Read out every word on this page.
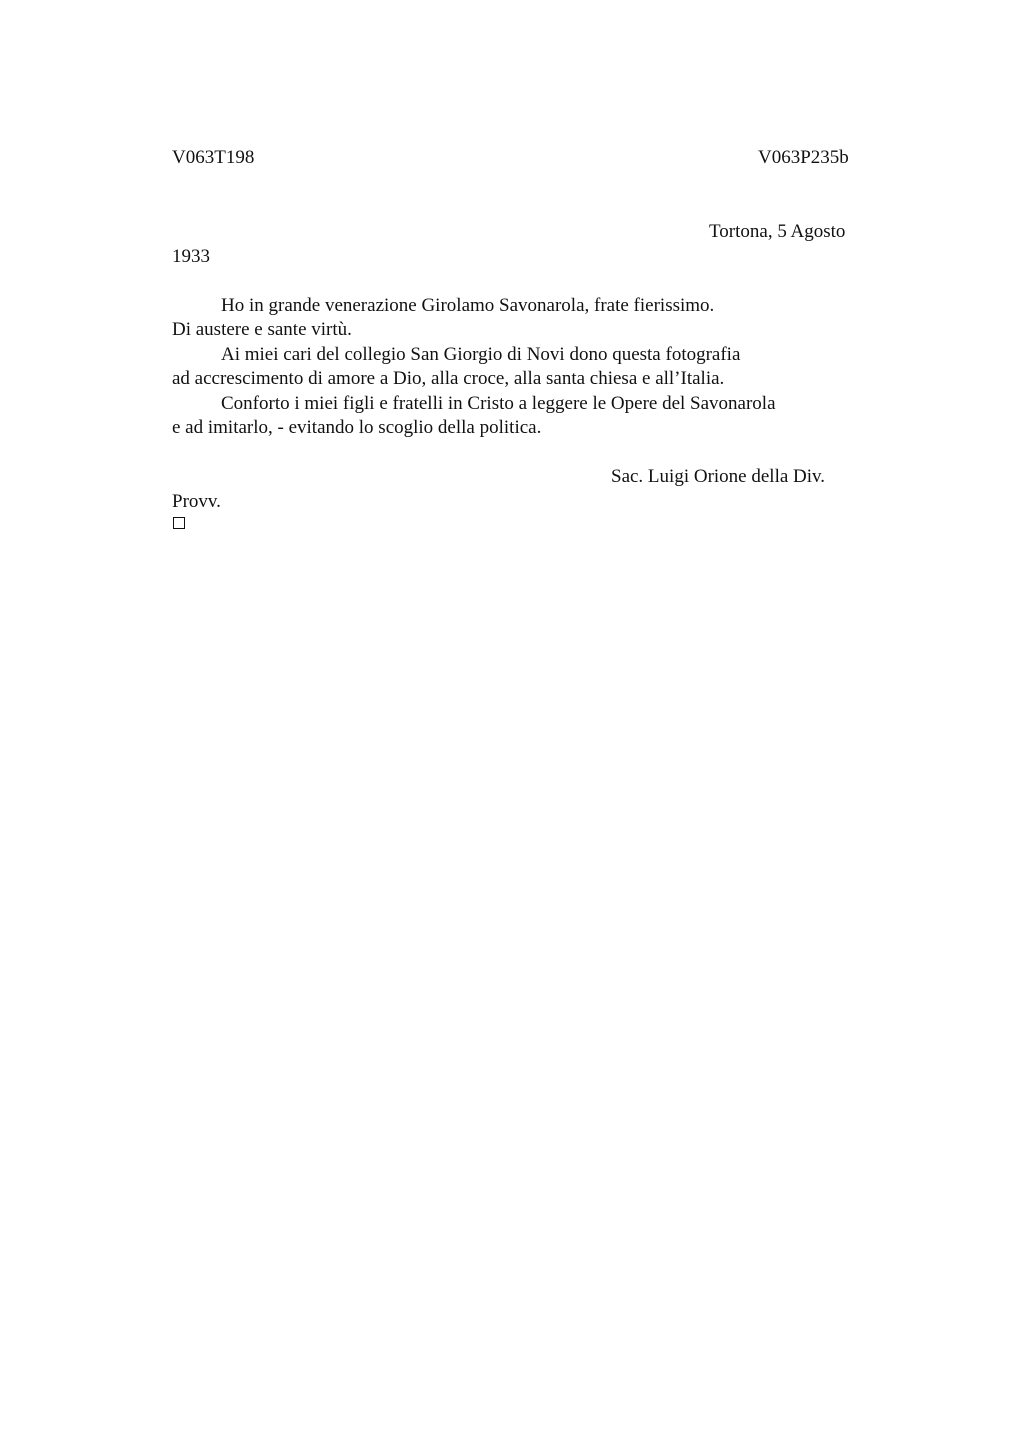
V063T198	V063P235b
Tortona, 5 Agosto
1933
Ho in grande venerazione Girolamo Savonarola, frate fierissimo.
Di austere e sante virtù.
Ai miei cari del collegio San Giorgio di Novi dono questa fotografia
ad accrescimento di amore a Dio, alla croce, alla santa chiesa e all’Italia.
Conforto i miei figli e fratelli in Cristo a leggere le Opere del Savonarola
e ad imitarlo, - evitando lo scoglio della politica.
Sac. Luigi Orione della Div.
Provv.
